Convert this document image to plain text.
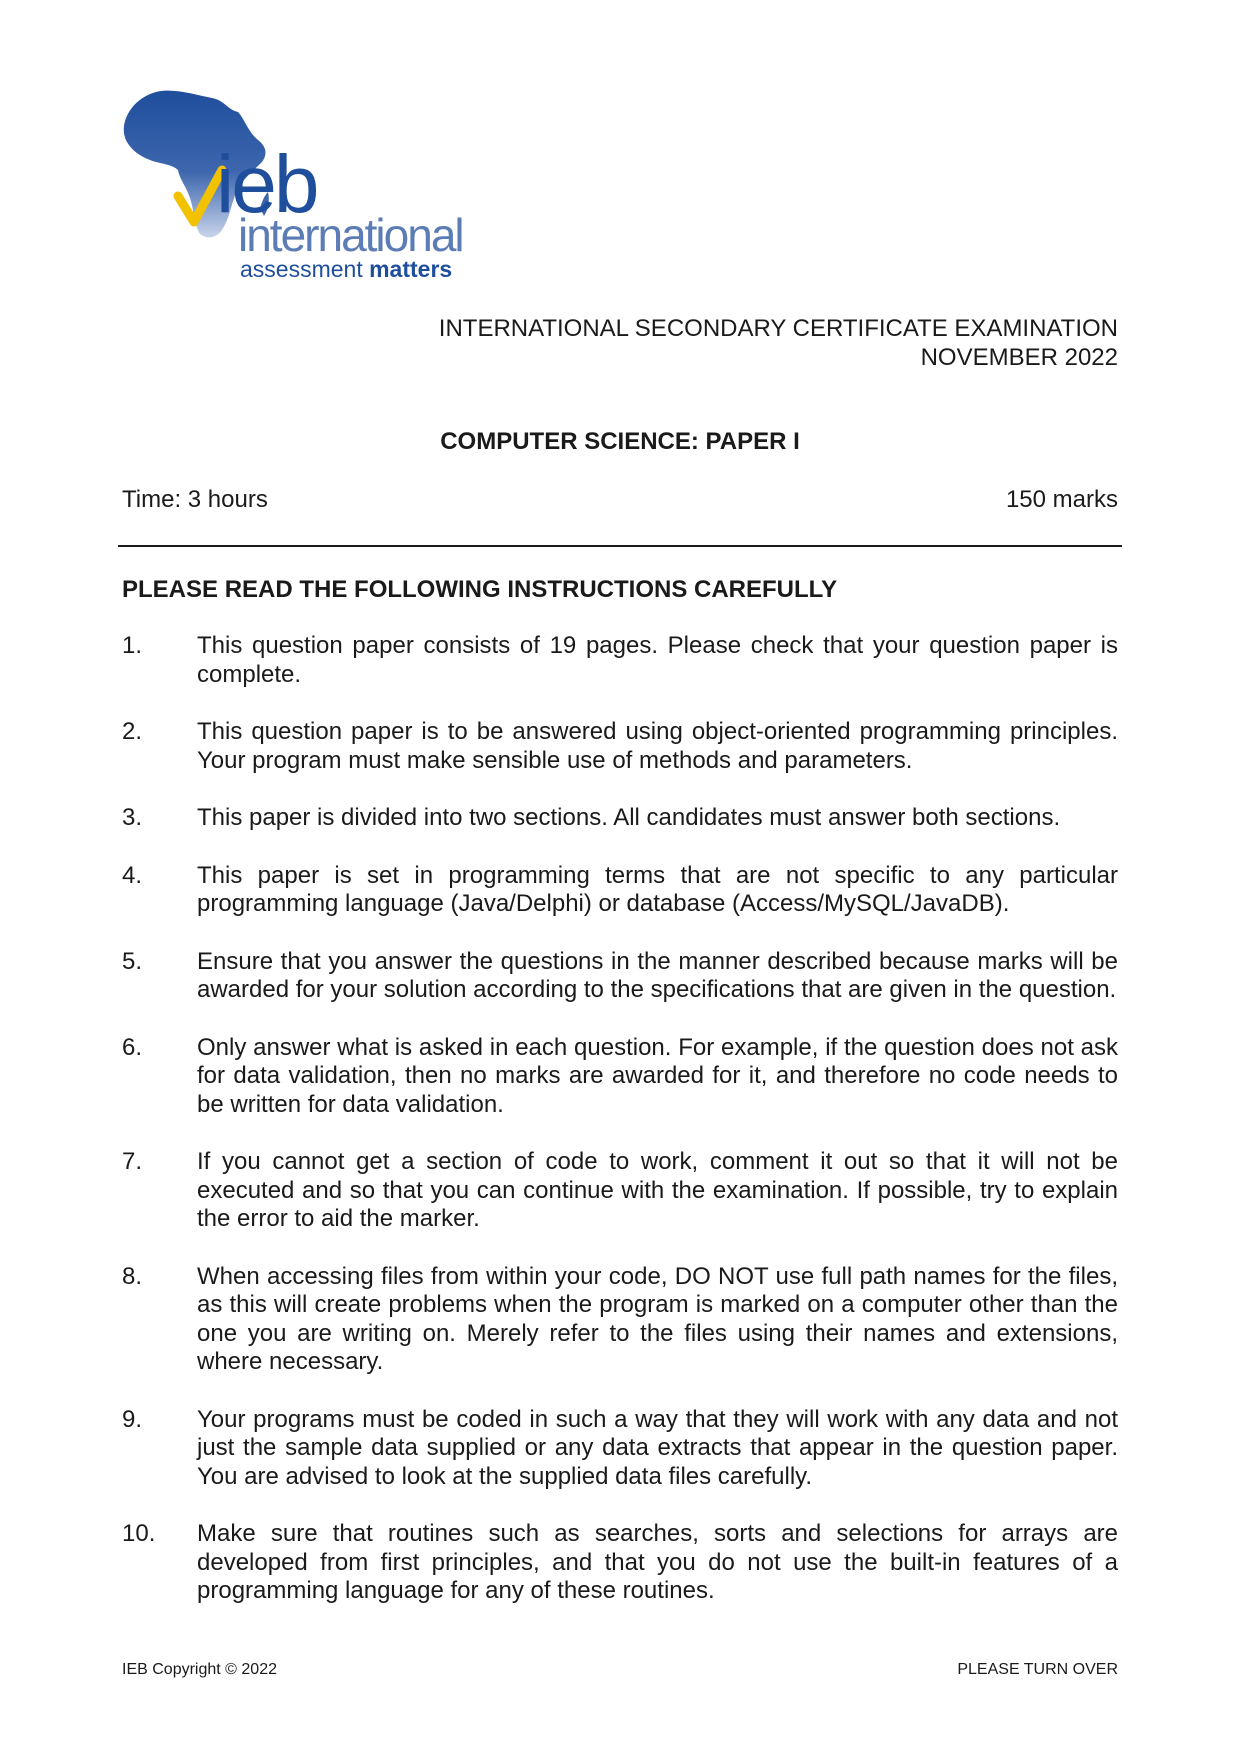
ieb
international
assessment matters
INTERNATIONAL SECONDARY CERTIFICATE EXAMINATION
NOVEMBER 2022
COMPUTER SCIENCE: PAPER I
Time: 3 hours	150 marks
PLEASE READ THE FOLLOWING INSTRUCTIONS CAREFULLY
1.	This question paper consists of 19 pages. Please check that your question paper is complete.
2.	This question paper is to be answered using object-oriented programming principles. Your program must make sensible use of methods and parameters.
3.	This paper is divided into two sections. All candidates must answer both sections.
4.	This paper is set in programming terms that are not specific to any particular programming language (Java/Delphi) or database (Access/MySQL/JavaDB).
5.	Ensure that you answer the questions in the manner described because marks will be awarded for your solution according to the specifications that are given in the question.
6.	Only answer what is asked in each question. For example, if the question does not ask for data validation, then no marks are awarded for it, and therefore no code needs to be written for data validation.
7.	If you cannot get a section of code to work, comment it out so that it will not be executed and so that you can continue with the examination. If possible, try to explain the error to aid the marker.
8.	When accessing files from within your code, DO NOT use full path names for the files, as this will create problems when the program is marked on a computer other than the one you are writing on. Merely refer to the files using their names and extensions, where necessary.
9.	Your programs must be coded in such a way that they will work with any data and not just the sample data supplied or any data extracts that appear in the question paper. You are advised to look at the supplied data files carefully.
10.	Make sure that routines such as searches, sorts and selections for arrays are developed from first principles, and that you do not use the built-in features of a programming language for any of these routines.
IEB Copyright © 2022	PLEASE TURN OVER
